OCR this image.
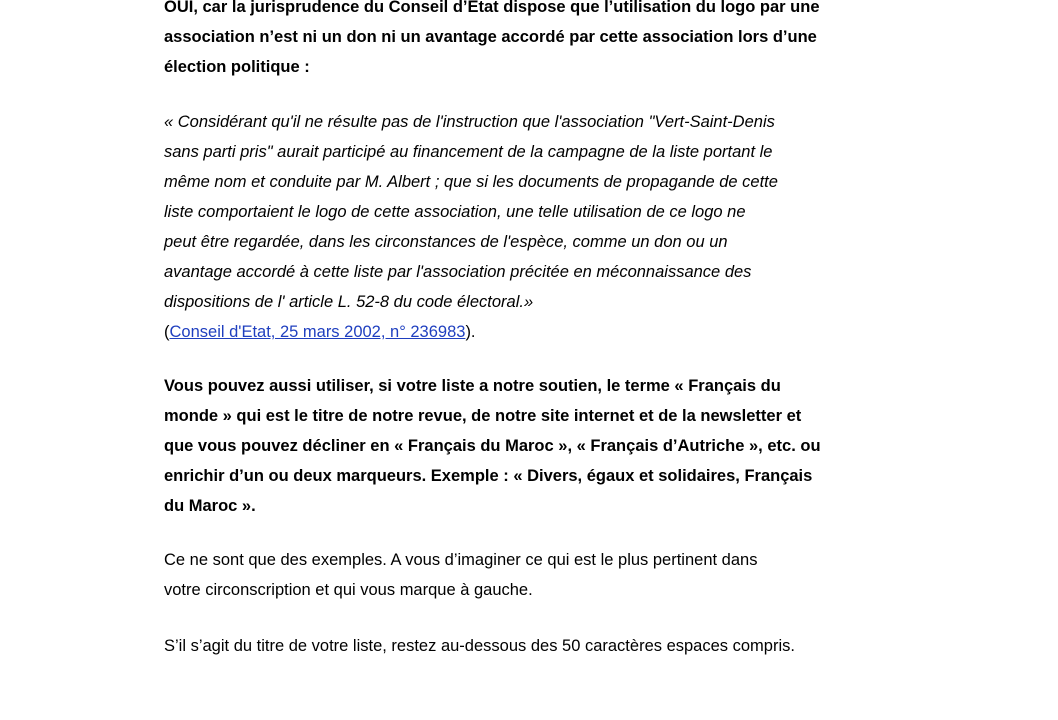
OUI, car la jurisprudence du Conseil d’Etat dispose que l’utilisation du logo par une
association n’est ni un don ni un avantage accordé par cette association lors d’une
élection politique :

« Considérant qu'il ne résulte pas de l'instruction que l'association "Vert-Saint-Denis
sans parti pris" aurait participé au financement de la campagne de la liste portant le
même nom et conduite par M. Albert ; que si les documents de propagande de cette
liste comportaient le logo de cette association, une telle utilisation de ce logo ne
peut être regardée, dans les circonstances de l'espèce, comme un don ou un
avantage accordé à cette liste par l'association précitée en méconnaissance des
dispositions de l' article L. 52-8 du code électoral.»

(Conseil d'Etat, 25 mars 2002, n° 236983).

Vous pouvez aussi utiliser, si votre liste a notre soutien, le terme « Français du
monde » qui est le titre de notre revue, de notre site internet et de la newsletter et
que vous pouvez décliner en « Français du Maroc », « Français d’Autriche », etc. ou
enrichir d’un ou deux marqueurs. Exemple : « Divers, égaux et solidaires, Français
du Maroc ».

Ce ne sont que des exemples. A vous d’imaginer ce qui est le plus pertinent dans
votre circonscription et qui vous marque à gauche.

S’il s’agit du titre de votre liste, restez au-dessous des 50 caractères espaces compris.
